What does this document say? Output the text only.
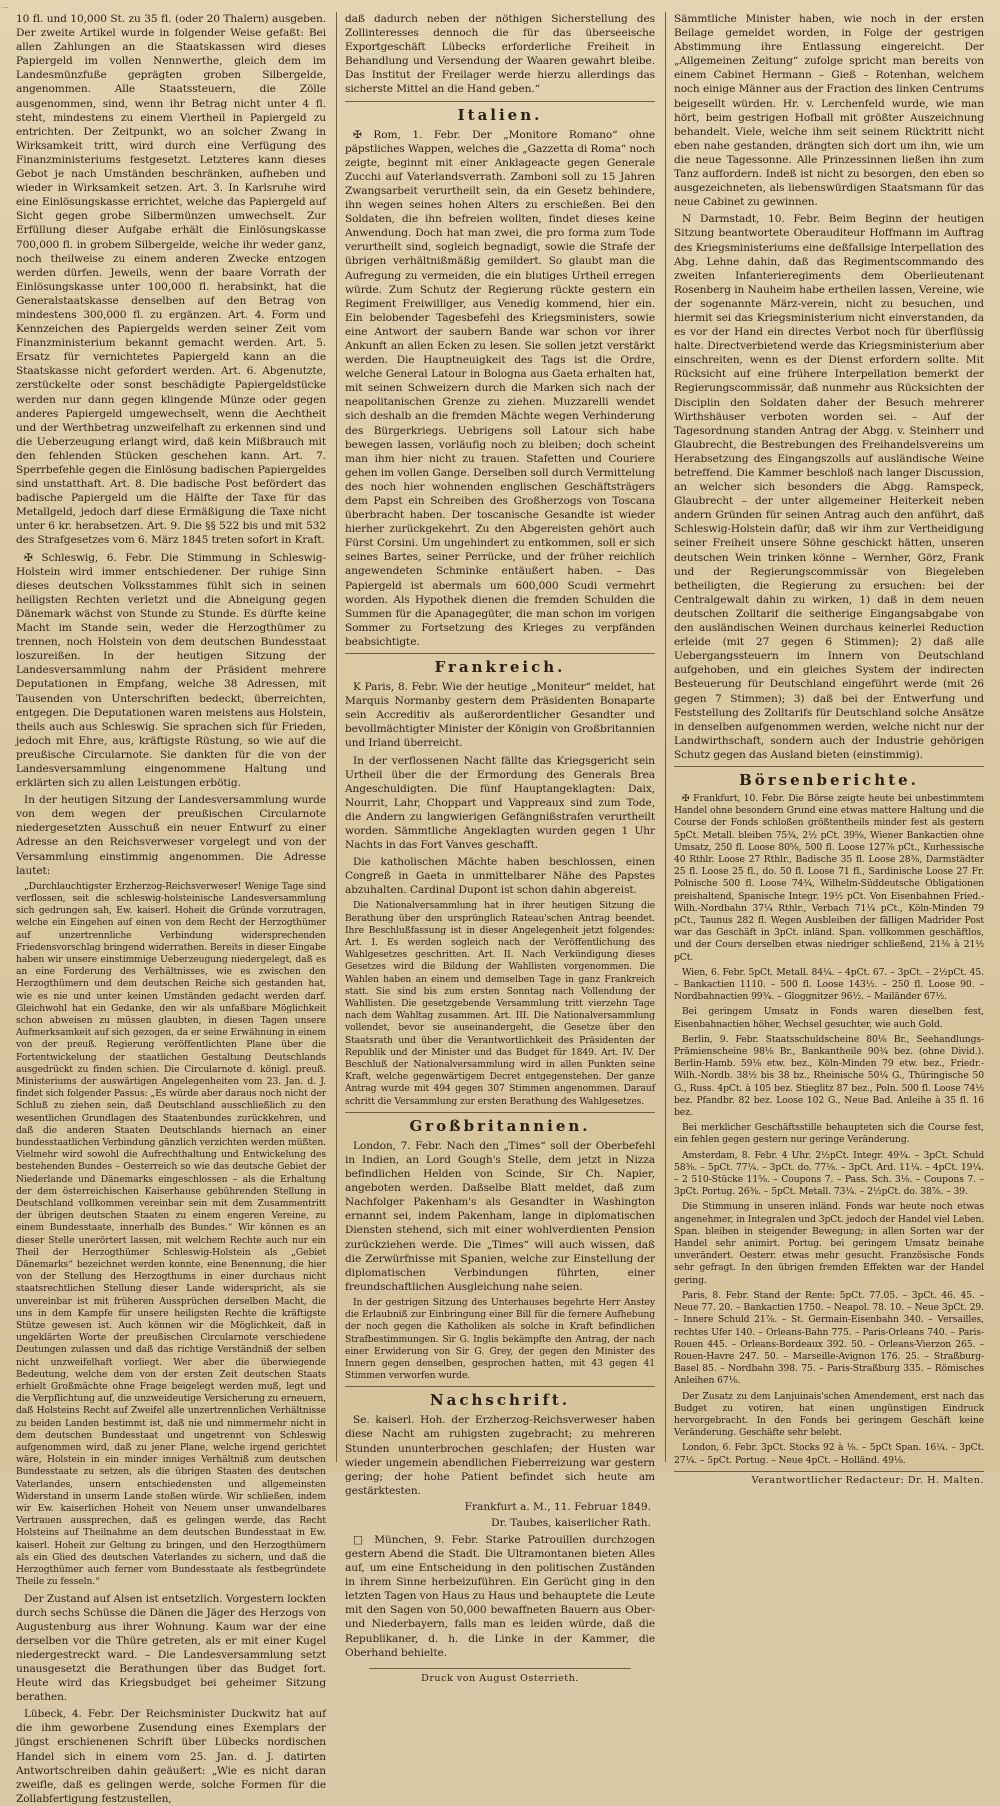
...

10 fl. und 10,000 St. zu 35 fl. (oder 20 Thalern) ausgeben. Der zweite Artikel wurde in folgender Weise gefaßt: Bei allen Zahlungen an die Staatskassen wird dieses Papiergeld im vollen Nennwerthe, gleich dem im Landesmünzfuße geprägten groben Silbergelde, angenommen. Alle Staatssteuern, die Zölle ausgenommen, sind, wenn ihr Betrag nicht unter 4 fl. steht, mindestens zu einem Viertheil in Papiergeld zu entrichten. Der Zeitpunkt, wo an solcher Zwang in Wirksamkeit tritt, wird durch eine Verfügung des Finanzministeriums festgesetzt. Letzteres kann dieses Gebot je nach Umständen beschränken, aufheben und wieder in Wirksamkeit setzen. Art. 3. In Karlsruhe wird eine Einlösungskasse errichtet, welche das Papiergeld auf Sicht gegen grobe Silbermünzen umwechselt. Zur Erfüllung dieser Aufgabe erhält die Einlösungskasse 700,000 fl. in grobem Silbergelde, welche ihr weder ganz, noch theilweise zu einem anderen Zwecke entzogen werden dürfen. Jeweils, wenn der baare Vorrath der Einlösungskasse unter 100,000 fl. herabsinkt, hat die Generalstaatskasse denselben auf den Betrag von mindestens 300,000 fl. zu ergänzen. Art. 4. Form und Kennzeichen des Papiergelds werden seiner Zeit vom Finanzministerium bekannt gemacht werden. Art. 5. Ersatz für vernichtetes Papiergeld kann an die Staatskasse nicht gefordert werden. Art. 6. Abgenutzte, zerstückelte oder sonst beschädigte Papiergeldstücke werden nur dann gegen klingende Münze oder gegen anderes Papiergeld umgewechselt, wenn die Aechtheit und der Werthbetrag unzweifelhaft zu erkennen sind und die Ueberzeugung erlangt wird, daß kein Mißbrauch mit den fehlenden Stücken geschehen kann. Art. 7. Sperrbefehle gegen die Einlösung badischen Papiergeldes sind unstatthaft. Art. 8. Die badische Post befördert das badische Papiergeld um die Hälfte der Taxe für das Metallgeld, jedoch darf diese Ermäßigung die Taxe nicht unter 6 kr. herabsetzen. Art. 9. Die §§ 522 bis und mit 532 des Strafgesetzes vom 6. März 1845 treten sofort in Kraft.

✠ Schleswig, 6. Febr. Die Stimmung in Schleswig-Holstein wird immer entschiedener. Der ruhige Sinn dieses deutschen Volksstammes fühlt sich in seinen heiligsten Rechten verletzt und die Abneigung gegen Dänemark wächst von Stunde zu Stunde. Es dürfte keine Macht im Stande sein, weder die Herzogthümer zu trennen, noch Holstein von dem deutschen Bundesstaat loszureißen. In der heutigen Sitzung der Landesversammlung nahm der Präsident mehrere Deputationen in Empfang, welche 38 Adressen, mit Tausenden von Unterschriften bedeckt, überreichten, entgegen. Die Deputationen waren meistens aus Holstein, theils auch aus Schleswig. Sie sprachen sich für Frieden, jedoch mit Ehre, aus, kräftigste Rüstung, so wie auf die preußische Circularnote. Sie dankten für die von der Landesversammlung eingenommene Haltung und erklärten sich zu allen Leistungen erbötig.

In der heutigen Sitzung der Landesversammlung wurde von dem wegen der preußischen Circularnote niedergesetzten Ausschuß ein neuer Entwurf zu einer Adresse an den Reichsverweser vorgelegt und von der Versammlung einstimmig angenommen. Die Adresse lautet:

„Durchlauchtigster Erzherzog-Reichsverweser! Wenige Tage sind verflossen, seit die schleswig-holsteinische Landesversammlung sich gedrungen sah, Ew. kaiserl. Hoheit die Gründe vorzutragen, welche ein Eingehen auf einen von dem Recht der Herzogthümer auf unzertrennliche Verbindung widersprechenden Friedensvorschlag bringend widerrathen. Bereits in dieser Eingabe haben wir unsere einstimmige Ueberzeugung niedergelegt, daß es an eine Forderung des Verhältnisses, wie es zwischen den Herzogthümern und dem deutschen Reiche sich gestanden hat, wie es nie und unter keinen Umständen gedacht werden darf. Gleichwohl hat ein Gedanke, den wir als unfaßbare Möglichkeit schon abweisen zu müssen glaubten, in diesen Tagen unsere Aufmerksamkeit auf sich gezogen, da er seine Erwähnung in einem von der preuß. Regierung veröffentlichten Plane über die Fortentwickelung der staatlichen Gestaltung Deutschlands ausgedrückt zu finden schien. Die Circularnote d. königl. preuß. Ministeriums der auswärtigen Angelegenheiten vom 23. Jan. d. J. findet sich folgender Passus: „Es würde aber daraus noch nicht der Schluß zu ziehen sein, daß Deutschland ausschließlich zu den wesentlichen Grundlagen des Staatenbundes zurückkehren, und daß die anderen Staaten Deutschlands hiernach an einer bundesstaatlichen Verbindung gänzlich verzichten werden müßten. Vielmehr wird sowohl die Aufrechthaltung und Entwickelung des bestehenden Bundes – Oesterreich so wie das deutsche Gebiet der Niederlande und Dänemarks eingeschlossen – als die Erhaltung der dem österreichischen Kaiserhause gebührenden Stellung in Deutschland vollkommen vereinbar sein mit dem Zusammentritt der übrigen deutschen Staaten zu einem engeren Vereine, zu einem Bundesstaate, innerhalb des Bundes.“ Wir können es an dieser Stelle unerörtert lassen, mit welchem Rechte auch nur ein Theil der Herzogthümer Schleswig-Holstein als „Gebiet Dänemarks“ bezeichnet werden konnte, eine Benennung, die hier von der Stellung des Herzogthums in einer durchaus nicht staatsrechtlichen Stellung dieser Lande widerspricht, als sie unvereinbar ist mit früheren Aussprüchen derselben Macht, die uns in dem Kampfe für unsere heiligsten Rechte die kräftigste Stütze gewesen ist. Auch können wir die Möglichkeit, daß in ungeklärten Worte der preußischen Circularnote verschiedene Deutungen zulassen und daß das richtige Verständniß der selben nicht unzweifelhaft vorliegt. Wer aber die überwiegende Bedeutung, welche dem von der ersten Zeit deutschen Staats erhielt Großmächte ohne Frage beigelegt werden muß, legt und die Verpflichtung auf, die unzweideutige Versicherung zu erneuern, daß Holsteins Recht auf Zweifel alle unzertrennlichen Verhältnisse zu beiden Landen bestimmt ist, daß nie und nimmermehr nicht in dem deutschen Bundesstaat und ungetrennt von Schleswig aufgenommen wird, daß zu jener Plane, welche irgend gerichtet wäre, Holstein in ein minder inniges Verhältniß zum deutschen Bundesstaate zu setzen, als die übrigen Staaten des deutschen Vaterlandes, unsern entschiedensten und allgemeinsten Widerstand in unserm Lande stoßen würde. Wir schließen, indem wir Ew. kaiserlichen Hoheit von Neuem unser unwandelbares Vertrauen aussprechen, daß es gelingen werde, das Recht Holsteins auf Theilnahme an dem deutschen Bundesstaat in Ew. kaiserl. Hoheit zur Geltung zu bringen, und den Herzogthümern als ein Glied des deutschen Vaterlandes zu sichern, und daß die Herzogthümer auch ferner vom Bundesstaate als festbegründete Theile zu fesseln.“

Der Zustand auf Alsen ist entsetzlich. Vorgestern lockten durch sechs Schüsse die Dänen die Jäger des Herzogs von Augustenburg aus ihrer Wohnung. Kaum war der eine derselben vor die Thüre getreten, als er mit einer Kugel niedergestreckt ward. – Die Landesversammlung setzt unausgesetzt die Berathungen über das Budget fort. Heute wird das Kriegsbudget bei geheimer Sitzung berathen.

Lübeck, 4. Febr. Der Reichsminister Duckwitz hat auf die ihm geworbene Zusendung eines Exemplars der jüngst erschienenen Schrift über Lübecks nordischen Handel sich in einem vom 25. Jan. d. J. datirten Antwortschreiben dahin geäußert: „Wie es nicht daran zweifle, daß es gelingen werde, solche Formen für die Zollabfertigung festzustellen,

daß dadurch neben der nöthigen Sicherstellung des Zollinteresses dennoch die für das überseeische Exportgeschäft Lübecks erforderliche Freiheit in Behandlung und Versendung der Waaren gewahrt bleibe. Das Institut der Freilager werde hierzu allerdings das sicherste Mittel an die Hand geben.“

Italien.

✠ Rom, 1. Febr. Der „Monitore Romano“ ohne päpstliches Wappen, welches die „Gazzetta di Roma“ noch zeigte, beginnt mit einer Anklageacte gegen Generale Zucchi auf Vaterlandsverrath. Zamboni soll zu 15 Jahren Zwangsarbeit verurtheilt sein, da ein Gesetz behindere, ihn wegen seines hohen Alters zu erschießen. Bei den Soldaten, die ihn befreien wollten, findet dieses keine Anwendung. Doch hat man zwei, die pro forma zum Tode verurtheilt sind, sogleich begnadigt, sowie die Strafe der übrigen verhältnißmäßig gemildert. So glaubt man die Aufregung zu vermeiden, die ein blutiges Urtheil erregen würde. Zum Schutz der Regierung rückte gestern ein Regiment Freiwilliger, aus Venedig kommend, hier ein. Ein belobender Tagesbefehl des Kriegsministers, sowie eine Antwort der saubern Bande war schon vor ihrer Ankunft an allen Ecken zu lesen. Sie sollen jetzt verstärkt werden. Die Hauptneuigkeit des Tags ist die Ordre, welche General Latour in Bologna aus Gaeta erhalten hat, mit seinen Schweizern durch die Marken sich nach der neapolitanischen Grenze zu ziehen. Muzzarelli wendet sich deshalb an die fremden Mächte wegen Verhinderung des Bürgerkriegs. Uebrigens soll Latour sich habe bewegen lassen, vorläufig noch zu bleiben; doch scheint man ihm hier nicht zu trauen. Stafetten und Couriere gehen im vollen Gange. Derselben soll durch Vermittelung des noch hier wohnenden englischen Geschäftsträgers dem Papst ein Schreiben des Großherzogs von Toscana überbracht haben. Der toscanische Gesandte ist wieder hierher zurückgekehrt. Zu den Abgereisten gehört auch Fürst Corsini. Um ungehindert zu entkommen, soll er sich seines Bartes, seiner Perrücke, und der früher reichlich angewendeten Schminke entäußert haben. – Das Papiergeld ist abermals um 600,000 Scudi vermehrt worden. Als Hypothek dienen die fremden Schulden die Summen für die Apanagegüter, die man schon im vorigen Sommer zu Fortsetzung des Krieges zu verpfänden beabsichtigte.

Frankreich.

K Paris, 8. Febr. Wie der heutige „Moniteur“ meldet, hat Marquis Normanby gestern dem Präsidenten Bonaparte sein Accreditiv als außerordentlicher Gesandter und bevollmächtigter Minister der Königin von Großbritannien und Irland überreicht.

In der verflossenen Nacht fällte das Kriegsgericht sein Urtheil über die der Ermordung des Generals Brea Angeschuldigten. Die fünf Hauptangeklagten: Daix, Nourrit, Lahr, Choppart und Vappreaux sind zum Tode, die Andern zu langwierigen Gefängnißstrafen verurtheilt worden. Sämmtliche Angeklagten wurden gegen 1 Uhr Nachts in das Fort Vanves geschafft.

Die katholischen Mächte haben beschlossen, einen Congreß in Gaeta in unmittelbarer Nähe des Papstes abzuhalten. Cardinal Dupont ist schon dahin abgereist.

Die Nationalversammlung hat in ihrer heutigen Sitzung die Berathung über den ursprünglich Rateau'schen Antrag beendet. Ihre Beschlußfassung ist in dieser Angelegenheit jetzt folgendes: Art. I. Es werden sogleich nach der Veröffentlichung des Wahlgesetzes geschritten. Art. II. Nach Verkündigung dieses Gesetzes wird die Bildung der Wahllisten vorgenommen. Die Wahlen haben an einem und demselben Tage in ganz Frankreich statt. Sie sind bis zum ersten Sonntag nach Vollendung der Wahllisten. Die gesetzgebende Versammlung tritt vierzehn Tage nach dem Wahltag zusammen. Art. III. Die Nationalversammlung vollendet, bevor sie auseinandergeht, die Gesetze über den Staatsrath und über die Verantwortlichkeit des Präsidenten der Republik und der Minister und das Budget für 1849. Art. IV. Der Beschluß der Nationalversammlung wird in allen Punkten seine Kraft, welche gegenwärtigem Decret entgegenstehen. Der ganze Antrag wurde mit 494 gegen 307 Stimmen angenommen. Darauf schritt die Versammlung zur ersten Berathung des Wahlgesetzes.

Großbritannien.

London, 7. Febr. Nach den „Times“ soll der Oberbefehl in Indien, an Lord Gough's Stelle, dem jetzt in Nizza befindlichen Helden von Scinde, Sir Ch. Napier, angeboten werden. Daßselbe Blatt meldet, daß zum Nachfolger Pakenham's als Gesandter in Washington ernannt sei, indem Pakenham, lange in diplomatischen Diensten stehend, sich mit einer wohlverdienten Pension zurückziehen werde. Die „Times“ will auch wissen, daß die Zerwürfnisse mit Spanien, welche zur Einstellung der diplomatischen Verbindungen führten, einer freundschaftlichen Ausgleichung nahe seien.

In der gestrigen Sitzung des Unterhauses begehrte Herr Anstey die Erlaubniß zur Einbringung einer Bill für die fernere Aufhebung der noch gegen die Katholiken als solche in Kraft befindlichen Strafbestimmungen. Sir G. Inglis bekämpfte den Antrag, der nach einer Erwiderung von Sir G. Grey, der gegen den Minister des Innern gegen denselben, gesprochen hatten, mit 43 gegen 41 Stimmen verworfen wurde.

Nachschrift.

Se. kaiserl. Hoh. der Erzherzog-Reichsverweser haben diese Nacht am ruhigsten zugebracht; zu mehreren Stunden ununterbrochen geschlafen; der Husten war wieder ungemein abendlichen Fieberreizung war gestern gering; der hohe Patient befindet sich heute am gestärktesten.

Frankfurt a. M., 11. Februar 1849.
Dr. Taubes, kaiserlicher Rath.

□ München, 9. Febr. Starke Patrouillen durchzogen gestern Abend die Stadt. Die Ultramontanen bieten Alles auf, um eine Entscheidung in den politischen Zuständen in ihrem Sinne herbeizuführen. Ein Gerücht ging in den letzten Tagen von Haus zu Haus und behauptete die Leute mit den Sagen von 50,000 bewaffneten Bauern aus Ober- und Niederbayern, falls man es leiden würde, daß die Republikaner, d. h. die Linke in der Kammer, die Oberhand behielte.

Druck von August Osterrieth.

Sämmtliche Minister haben, wie noch in der ersten Beilage gemeldet worden, in Folge der gestrigen Abstimmung ihre Entlassung eingereicht. Der „Allgemeinen Zeitung“ zufolge spricht man bereits von einem Cabinet Hermann – Gieß – Rotenhan, welchem noch einige Männer aus der Fraction des linken Centrums beigesellt würden. Hr. v. Lerchenfeld wurde, wie man hört, beim gestrigen Hofball mit größter Auszeichnung behandelt. Viele, welche ihm seit seinem Rücktritt nicht eben nahe gestanden, drängten sich dort um ihn, wie um die neue Tagessonne. Alle Prinzessinnen ließen ihn zum Tanz auffordern. Indeß ist nicht zu besorgen, den eben so ausgezeichneten, als liebenswürdigen Staatsmann für das neue Cabinet zu gewinnen.

N Darmstadt, 10. Febr. Beim Beginn der heutigen Sitzung beantwortete Oberauditeur Hoffmann im Auftrag des Kriegsministeriums eine deßfallsige Interpellation des Abg. Lehne dahin, daß das Regimentscommando des zweiten Infanterieregiments dem Oberlieutenant Rosenberg in Nauheim habe ertheilen lassen, Vereine, wie der sogenannte März-verein, nicht zu besuchen, und hiermit sei das Kriegsministerium nicht einverstanden, da es vor der Hand ein directes Verbot noch für überflüssig halte. Directverbietend werde das Kriegsministerium aber einschreiten, wenn es der Dienst erfordern sollte. Mit Rücksicht auf eine frühere Interpellation bemerkt der Regierungscommissär, daß nunmehr aus Rücksichten der Disciplin den Soldaten daher der Besuch mehrerer Wirthshäuser verboten worden sei. – Auf der Tagesordnung standen Antrag der Abgg. v. Steinherr und Glaubrecht, die Bestrebungen des Freihandelsvereins um Herabsetzung des Eingangszolls auf ausländische Weine betreffend. Die Kammer beschloß nach langer Discussion, an welcher sich besonders die Abgg. Ramspeck, Glaubrecht – der unter allgemeiner Heiterkeit neben andern Gründen für seinen Antrag auch den anführt, daß Schleswig-Holstein dafür, daß wir ihm zur Vertheidigung seiner Freiheit unsere Söhne geschickt hätten, unseren deutschen Wein trinken könne – Wernher, Görz, Frank und der Regierungscommissär von Biegeleben betheiligten, die Regierung zu ersuchen: bei der Centralgewalt dahin zu wirken, 1) daß in dem neuen deutschen Zolltarif die seitherige Eingangsabgabe von den ausländischen Weinen durchaus keinerlei Reduction erleide (mit 27 gegen 6 Stimmen); 2) daß alle Uebergangssteuern im Innern von Deutschland aufgehoben, und ein gleiches System der indirecten Besteuerung für Deutschland eingeführt werde (mit 26 gegen 7 Stimmen); 3) daß bei der Entwerfung und Feststellung des Zolltarifs für Deutschland solche Ansätze in denselben aufgenommen werden, welche nicht nur der Landwirthschaft, sondern auch der Industrie gehörigen Schutz gegen das Ausland bieten (einstimmig).

Börsenberichte.

✠ Frankfurt, 10. Febr. Die Börse zeigte heute bei unbestimmtem Handel ohne besondern Grund eine etwas mattere Haltung und die Course der Fonds schloßen größtentheils minder fest als gestern 5pCt. Metall. bleiben 75¾, 2½ pCt. 39⅝, Wiener Bankactien ohne Umsatz, 250 fl. Loose 80⅝, 500 fl. Loose 127⅞ pCt., Kurhessische 40 Rthlr. Loose 27 Rthlr., Badische 35 fl. Loose 28⅜, Darmstädter 25 fl. Loose 25 fl., do. 50 fl. Loose 71 fl., Sardinische Loose 27 Fr. Polnische 500 fl. Loose 74¾, Wilhelm-Süddeutsche Obligationen preishaltend, Spanische Integr. 19½ pCt. Von Eisenbahnen Fried.-Wilh.-Nordbahn 37¼ Rthlr., Verbach 71¼ pCt., Köln-Minden 79 pCt., Taunus 282 fl. Wegen Ausbleiben der fälligen Madrider Post war das Geschäft in 3pCt. inländ. Span. vollkommen geschäftlos, und der Cours derselben etwas niedriger schließend, 21⅜ à 21½ pCt.

Wien, 6. Febr. 5pCt. Metall. 84¼. – 4pCt. 67. – 3pCt. – 2½pCt. 45. – Bankactien 1110. – 500 fl. Loose 143½. – 250 fl. Loose 90. – Nordbahnactien 99¾. – Gloggnitzer 96½. – Mailänder 67½.

Bei geringem Umsatz in Fonds waren dieselben fest, Eisenbahnactien höher, Wechsel gesuchter, wie auch Gold.

Berlin, 9. Febr. Staatsschuldscheine 80⅛ Br., Seehandlungs-Prämienscheine 98⅛ Br., Bankantheile 90¾ bez. (ohne Divid.). Berlin-Hamb. 59⅛ etw. bez., Köln-Minden 79 etw. bez., Friedr.-Wilh.-Nordb. 38½ bis 38 bz., Rheinische 50¼ G., Thüringische 50 G., Russ. 4pCt. à 105 bez. Stieglitz 87 bez., Poln. 500 fl. Loose 74½ bez. Pfandbr. 82 bez. Loose 102 G., Neue Bad. Anleihe à 35 fl. 16 bez.

Bei merklicher Geschäftsstille behaupteten sich die Course fest, ein fehlen gegen gestern nur geringe Veränderung.

Amsterdam, 8. Febr. 4 Uhr. 2½pCt. Integr. 49¾. – 3pCt. Schuld 58⅜. – 5pCt. 77¼. – 3pCt. do. 77⅛. – 3pCt. Ard. 11¼. – 4pCt. 19¼. – 2 510-Stücke 11⅝. – Coupons 7. – Pass. Sch. 3⅛. – Coupons 7. – 3pCt. Portug. 26⅜. – 5pCt. Metall. 73¼. – 2½pCt. do. 38⅞. – 39.

Die Stimmung in unseren inländ. Fonds war heute noch etwas angenehmer, in Integralen und 3pCt. jedoch der Handel viel Leben. Span. bleiben in steigender Bewegung; in allen Sorten war der Handel sehr animirt. Portug. bei geringem Umsatz beinahe unverändert. Oesterr. etwas mehr gesucht. Französische Fonds sehr gefragt. In den übrigen fremden Effekten war der Handel gering.

Paris, 8. Febr. Stand der Rente: 5pCt. 77.05. – 3pCt. 46. 45. – Neue 77. 20. – Bankactien 1750. – Neapol. 78. 10. – Neue 3pCt. 29. – Innere Schuld 21⅞. – St. Germain-Eisenbahn 340. – Versailles, rechtes Ufer 140. – Orleans-Bahn 775. – Paris-Orleans 740. – Paris-Rouen 445. – Orleans-Bordeaux 392. 50. – Orleans-Vierzon 265. – Rouen-Havre 247. 50. – Marseille-Avignon 176. 25. – Straßburg-Basel 85. – Nordbahn 398. 75. – Paris-Straßburg 335. – Römisches Anleihen 67⅛.

Der Zusatz zu dem Lanjuinais'schen Amendement, erst nach das Budget zu votiren, hat einen ungünstigen Eindruck hervorgebracht. In den Fonds bei geringem Geschäft keine Veränderung. Geschäfte sehr belebt.

London, 6. Febr. 3pCt. Stocks 92 à ⅛. – 5pCt Span. 16¼. – 3pCt. 27¼. – 5pCt. Portug. – Neue 4pCt. – Holländ. 49⅛.

Verantwortlicher Redacteur: Dr. H. Malten.
